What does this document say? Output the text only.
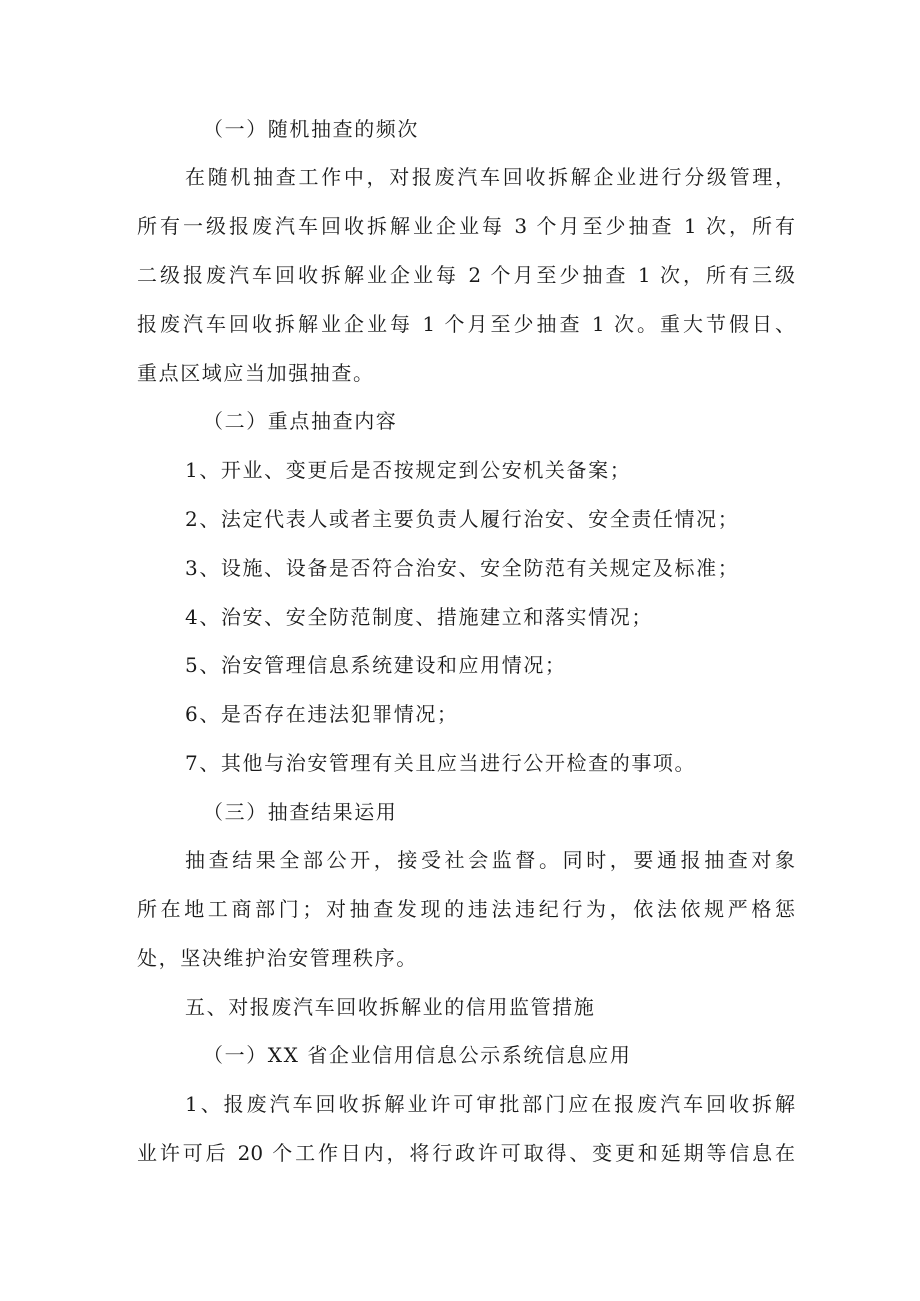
（一）随机抽查的频次
在随机抽查工作中，对报废汽车回收拆解企业进行分级管理，
所有一级报废汽车回收拆解业企业每 3 个月至少抽查 1 次，所有
二级报废汽车回收拆解业企业每 2 个月至少抽查 1 次，所有三级
报废汽车回收拆解业企业每 1 个月至少抽查 1 次。重大节假日、
重点区域应当加强抽查。
（二）重点抽查内容
1、开业、变更后是否按规定到公安机关备案；
2、法定代表人或者主要负责人履行治安、安全责任情况；
3、设施、设备是否符合治安、安全防范有关规定及标准；
4、治安、安全防范制度、措施建立和落实情况；
5、治安管理信息系统建设和应用情况；
6、是否存在违法犯罪情况；
7、其他与治安管理有关且应当进行公开检查的事项。
（三）抽查结果运用
抽查结果全部公开，接受社会监督。同时，要通报抽查对象
所在地工商部门；对抽查发现的违法违纪行为，依法依规严格惩
处，坚决维护治安管理秩序。
五、对报废汽车回收拆解业的信用监管措施
（一）XX 省企业信用信息公示系统信息应用
1、报废汽车回收拆解业许可审批部门应在报废汽车回收拆解
业许可后 20 个工作日内，将行政许可取得、变更和延期等信息在
